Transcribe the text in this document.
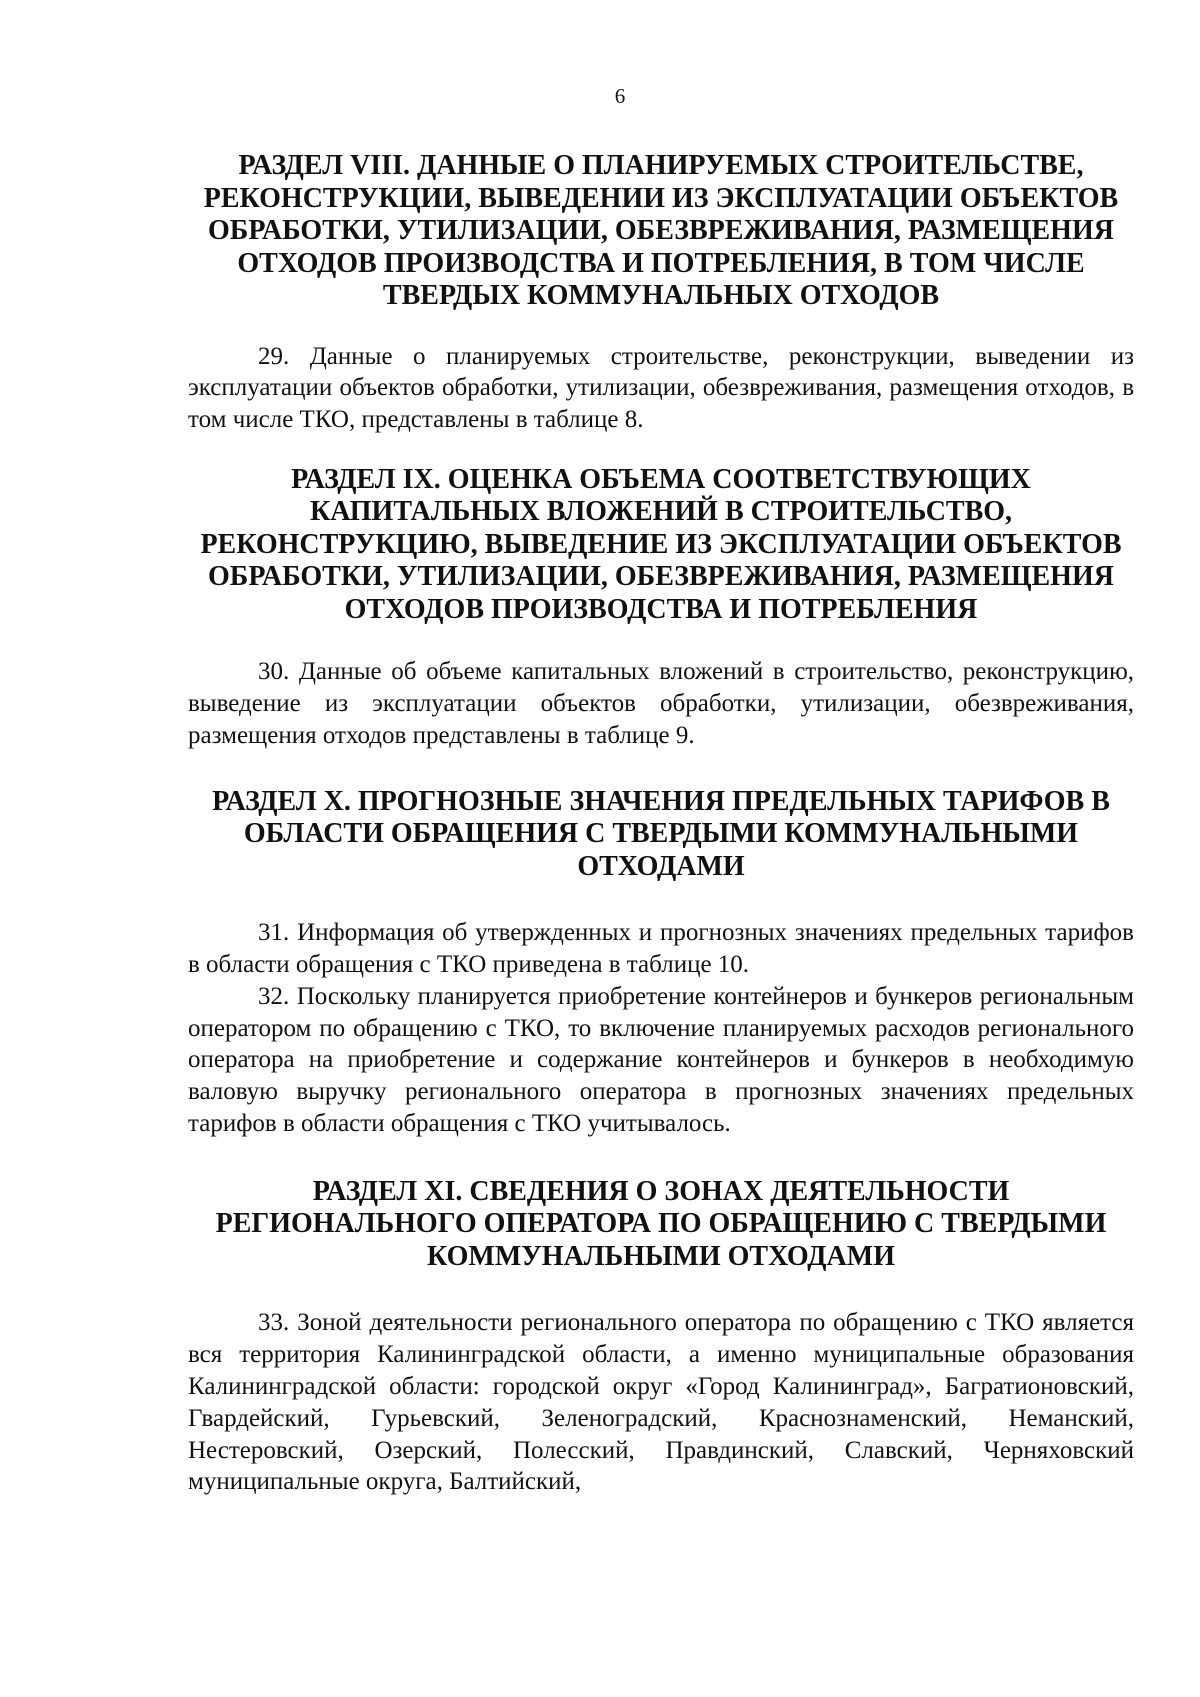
6
РАЗДЕЛ VIII. ДАННЫЕ О ПЛАНИРУЕМЫХ СТРОИТЕЛЬСТВЕ,
РЕКОНСТРУКЦИИ, ВЫВЕДЕНИИ ИЗ ЭКСПЛУАТАЦИИ ОБЪЕКТОВ
ОБРАБОТКИ, УТИЛИЗАЦИИ, ОБЕЗВРЕЖИВАНИЯ, РАЗМЕЩЕНИЯ
ОТХОДОВ ПРОИЗВОДСТВА И ПОТРЕБЛЕНИЯ, В ТОМ ЧИСЛЕ
ТВЕРДЫХ КОММУНАЛЬНЫХ ОТХОДОВ

29. Данные о планируемых строительстве, реконструкции, выведении из эксплуатации объектов обработки, утилизации, обезвреживания, размещения отходов, в том числе ТКО, представлены в таблице 8.

РАЗДЕЛ IX. ОЦЕНКА ОБЪЕМА СООТВЕТСТВУЮЩИХ
КАПИТАЛЬНЫХ ВЛОЖЕНИЙ В СТРОИТЕЛЬСТВО,
РЕКОНСТРУКЦИЮ, ВЫВЕДЕНИЕ ИЗ ЭКСПЛУАТАЦИИ ОБЪЕКТОВ
ОБРАБОТКИ, УТИЛИЗАЦИИ, ОБЕЗВРЕЖИВАНИЯ, РАЗМЕЩЕНИЯ
ОТХОДОВ ПРОИЗВОДСТВА И ПОТРЕБЛЕНИЯ

30. Данные об объеме капитальных вложений в строительство, реконструкцию, выведение из эксплуатации объектов обработки, утилизации, обезвреживания, размещения отходов представлены в таблице 9.

РАЗДЕЛ X. ПРОГНОЗНЫЕ ЗНАЧЕНИЯ ПРЕДЕЛЬНЫХ ТАРИФОВ В
ОБЛАСТИ ОБРАЩЕНИЯ С ТВЕРДЫМИ КОММУНАЛЬНЫМИ
ОТХОДАМИ

31. Информация об утвержденных и прогнозных значениях предельных тарифов в области обращения с ТКО приведена в таблице 10.

32. Поскольку планируется приобретение контейнеров и бункеров региональным оператором по обращению с ТКО, то включение планируемых расходов регионального оператора на приобретение и содержание контейнеров и бункеров в необходимую валовую выручку регионального оператора в прогнозных значениях предельных тарифов в области обращения с ТКО учитывалось.

РАЗДЕЛ XI. СВЕДЕНИЯ О ЗОНАХ ДЕЯТЕЛЬНОСТИ
РЕГИОНАЛЬНОГО ОПЕРАТОРА ПО ОБРАЩЕНИЮ С ТВЕРДЫМИ
КОММУНАЛЬНЫМИ ОТХОДАМИ

33. Зоной деятельности регионального оператора по обращению с ТКО является вся территория Калининградской области, а именно муниципальные образования Калининградской области: городской округ «Город Калининград», Багратионовский, Гвардейский, Гурьевский, Зеленоградский, Краснознаменский, Неманский, Нестеровский, Озерский, Полесский, Правдинский, Славский, Черняховский муниципальные округа, Балтийский,
